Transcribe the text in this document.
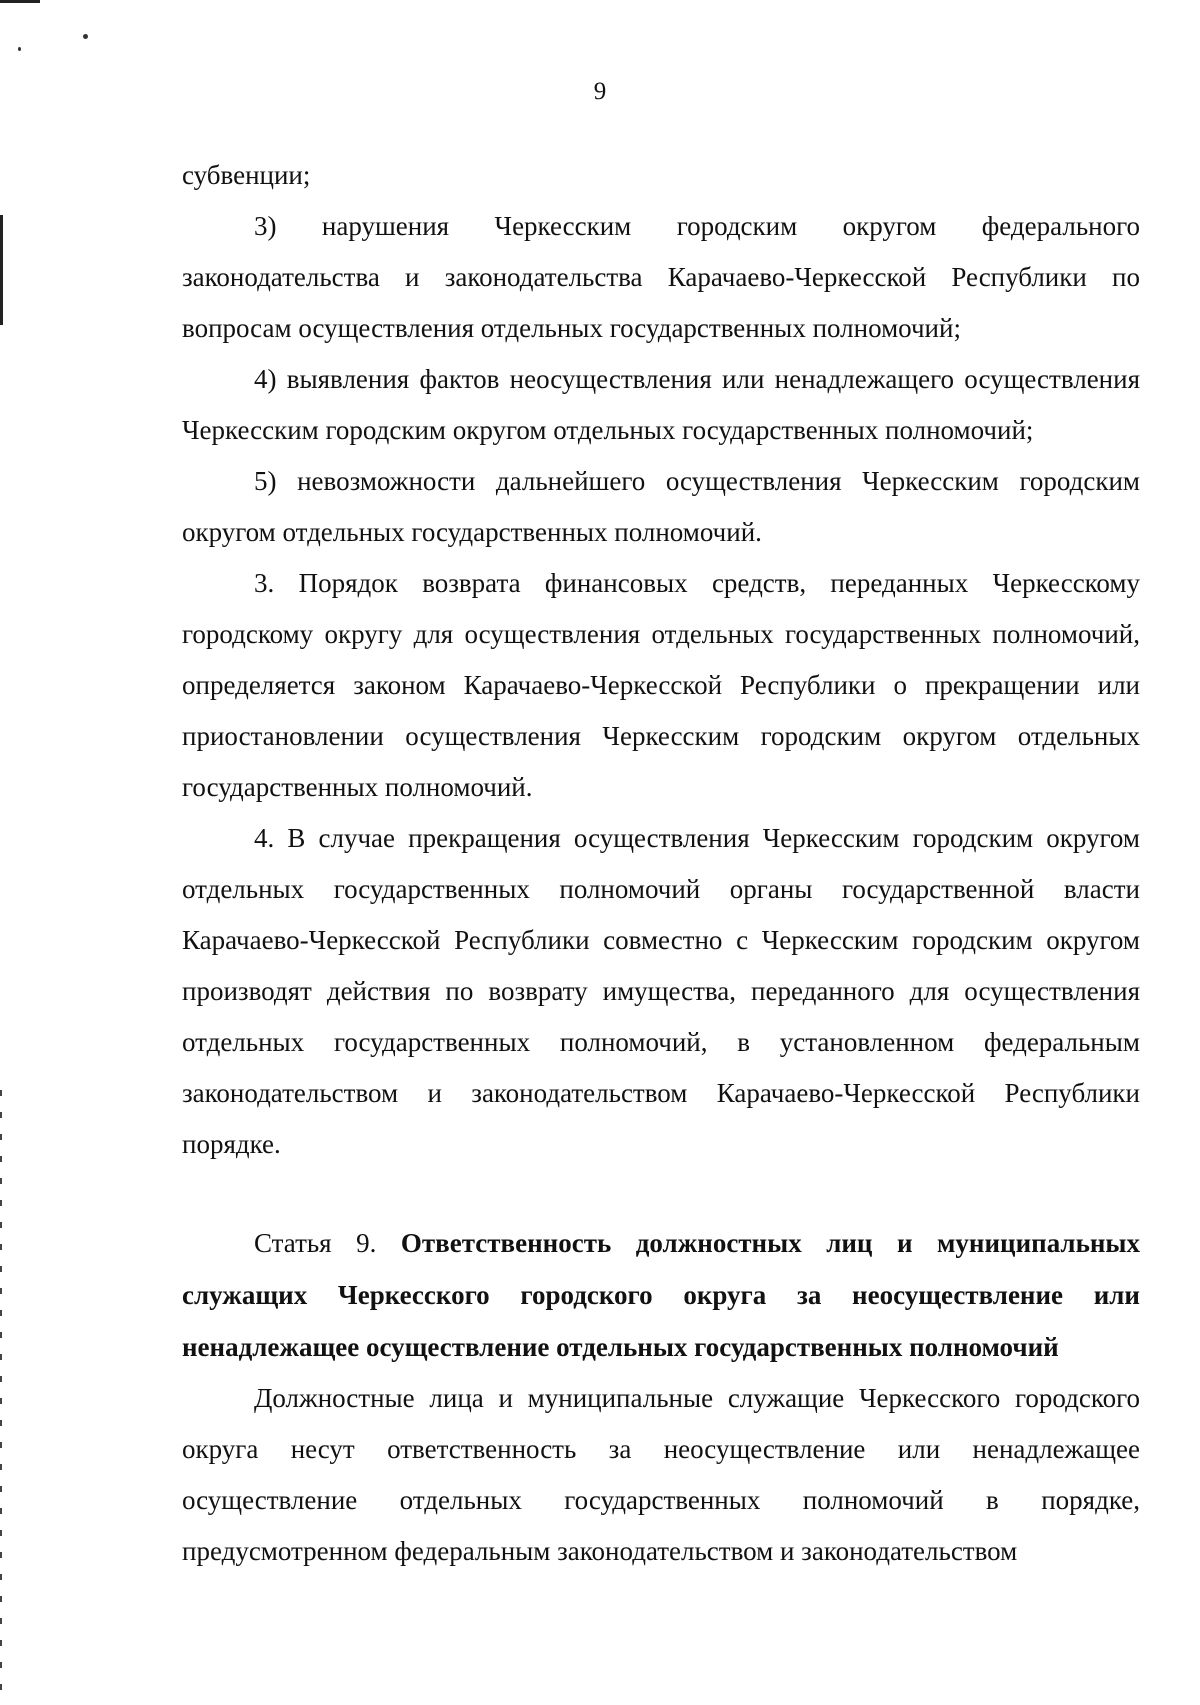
9

субвенции;

3) нарушения Черкесским городским округом федерального законодательства и законодательства Карачаево-Черкесской Республики по вопросам осуществления отдельных государственных полномочий;

4) выявления фактов неосуществления или ненадлежащего осуществления Черкесским городским округом отдельных государственных полномочий;

5) невозможности дальнейшего осуществления Черкесским городским округом отдельных государственных полномочий.

3. Порядок возврата финансовых средств, переданных Черкесскому городскому округу для осуществления отдельных государственных полномочий, определяется законом Карачаево-Черкесской Республики о прекращении или приостановлении осуществления Черкесским городским округом отдельных государственных полномочий.

4. В случае прекращения осуществления Черкесским городским округом отдельных государственных полномочий органы государственной власти Карачаево-Черкесской Республики совместно с Черкесским городским округом производят действия по возврату имущества, переданного для осуществления отдельных государственных полномочий, в установленном федеральным законодательством и законодательством Карачаево-Черкесской Республики порядке.

Статья 9. Ответственность должностных лиц и муниципальных служащих Черкесского городского округа за неосуществление или ненадлежащее осуществление отдельных государственных полномочий

Должностные лица и муниципальные служащие Черкесского городского округа несут ответственность за неосуществление или ненадлежащее осуществление отдельных государственных полномочий в порядке, предусмотренном федеральным законодательством и законодательством
